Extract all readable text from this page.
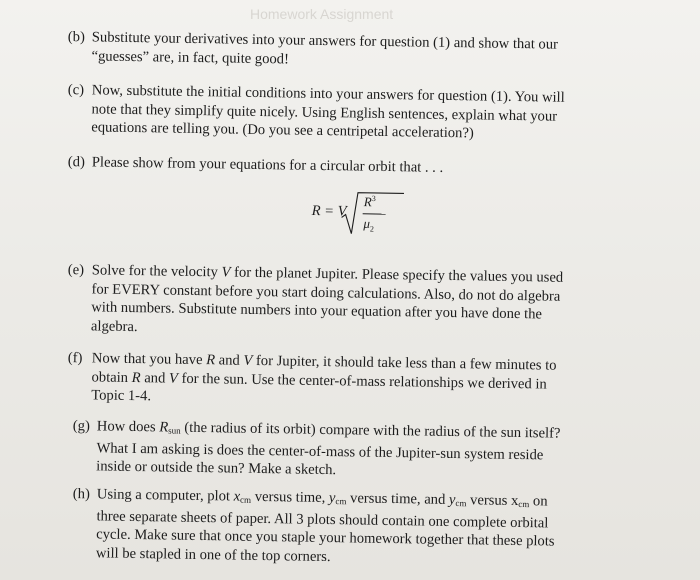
Homework Assignment
(b) Substitute your derivatives into your answers for question (1) and show that our
“guesses” are, in fact, quite good!
(c) Now, substitute the initial conditions into your answers for question (1). You will
note that they simplify quite nicely. Using English sentences, explain what your
equations are telling you. (Do you see a centripetal acceleration?)
(d) Please show from your equations for a circular orbit that . . .
R = V
$R^3$
$\mu_2$
(e) Solve for the velocity V for the planet Jupiter. Please specify the values you used
for EVERY constant before you start doing calculations. Also, do not do algebra
with numbers. Substitute numbers into your equation after you have done the
algebra.
(f) Now that you have R and V for Jupiter, it should take less than a few minutes to
obtain R and V for the sun. Use the center-of-mass relationships we derived in
Topic 1-4.
(g) How does $R_{sun}$ (the radius of its orbit) compare with the radius of the sun itself?
What I am asking is does the center-of-mass of the Jupiter-sun system reside
inside or outside the sun? Make a sketch.
(h) Using a computer, plot $x_{cm}$ versus time, $y_{cm}$ versus time, and $y_{cm}$ versus $x_{cm}$ on
three separate sheets of paper. All 3 plots should contain one complete orbital
cycle. Make sure that once you staple your homework together that these plots
will be stapled in one of the top corners.
